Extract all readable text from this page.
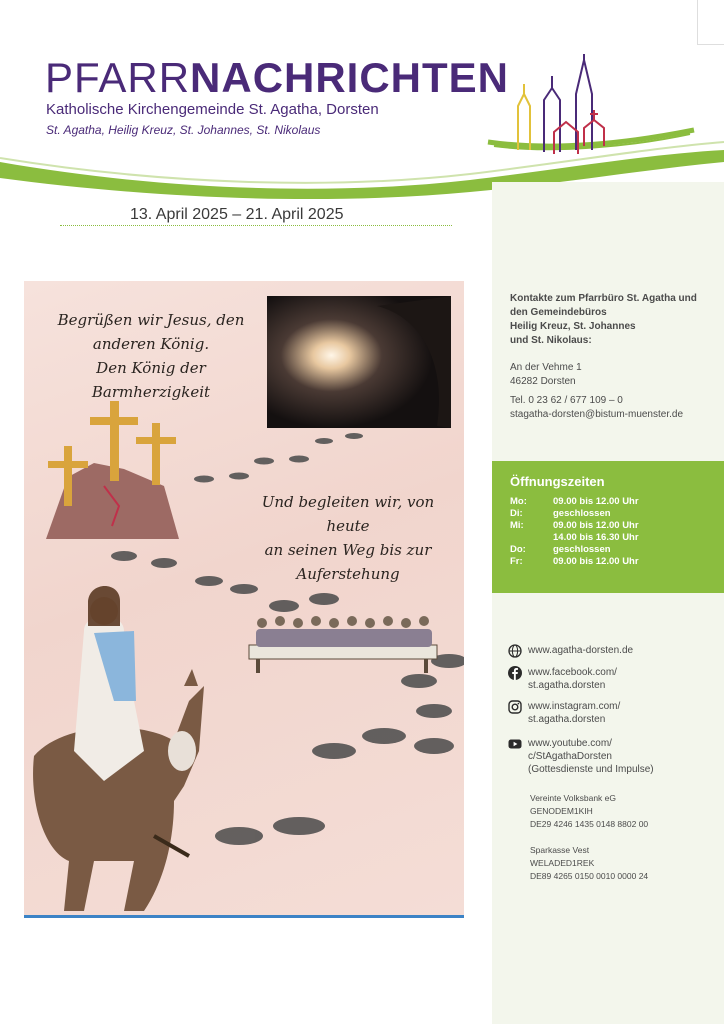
PFARRNACHRICHTEN
Katholische Kirchengemeinde St. Agatha, Dorsten
St. Agatha, Heilig Kreuz, St. Johannes, St. Nikolaus
13. April 2025 – 21. April 2025
Kontakte zum Pfarrbüro St. Agatha und
den Gemeindebüros
Heilig Kreuz, St. Johannes
und St. Nikolaus:
An der Vehme 1
46282 Dorsten
Tel. 0 23 62 / 677 109 – 0
stagatha-dorsten@bistum-muenster.de
Öffnungszeiten
Mo:	09.00 bis 12.00 Uhr
Di:	geschlossen
Mi:	09.00 bis 12.00 Uhr
	14.00 bis 16.30 Uhr
Do:	geschlossen
Fr:	09.00 bis 12.00 Uhr
www.agatha-dorsten.de
www.facebook.com/
st.agatha.dorsten
www.instagram.com/
st.agatha.dorsten
www.youtube.com/
c/StAgathaDorsten
(Gottesdienste und Impulse)
Vereinte Volksbank eG
GENODEM1KIH
DE29 4246 1435 0148 8802 00
Sparkasse Vest
WELADED1REK
DE89 4265 0150 0010 0000 24
Begrüßen wir Jesus, den
anderen König.
Den König der
Barmherzigkeit
Und begleiten wir, von heute
an seinen Weg bis zur
Auferstehung
